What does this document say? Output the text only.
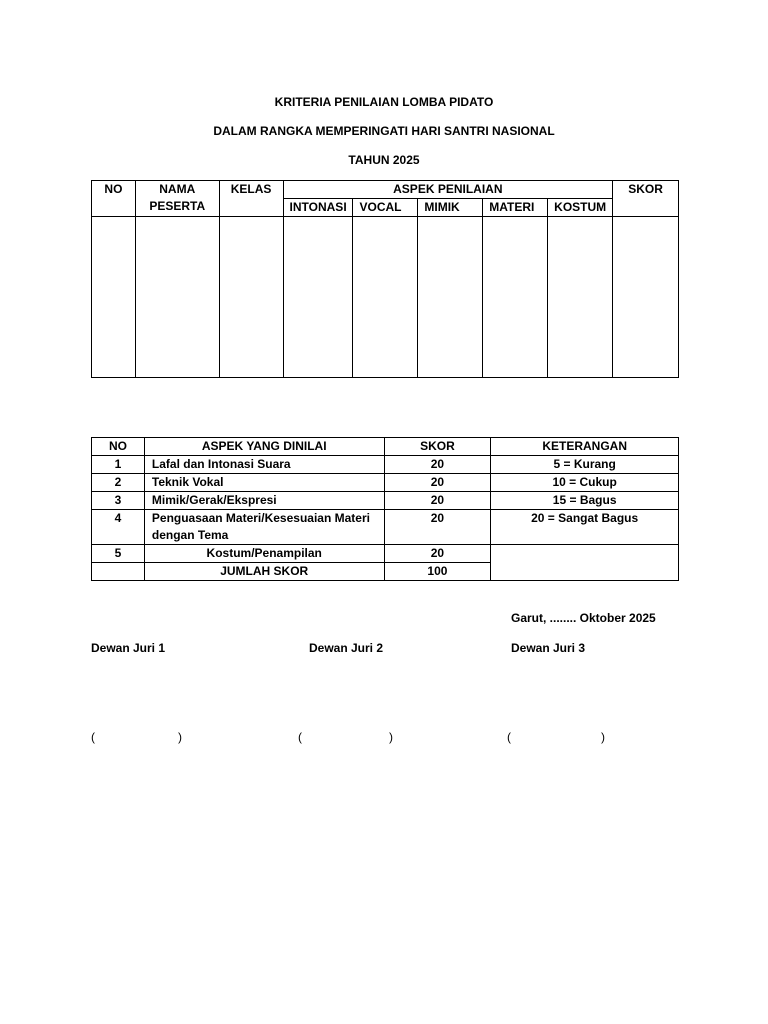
KRITERIA PENILAIAN LOMBA PIDATO
DALAM RANGKA MEMPERINGATI HARI SANTRI NASIONAL
TAHUN 2025
NO	NAMA PESERTA	KELAS	ASPEK PENILAIAN					SKOR
			INTONASI	VOCAL	MIMIK	MATERI	KOSTUM	

NO	ASPEK YANG DINILAI	SKOR	KETERANGAN
1	Lafal dan Intonasi Suara	20	5 = Kurang
2	Teknik Vokal	20	10 = Cukup
3	Mimik/Gerak/Ekspresi	20	15 = Bagus
4	Penguasaan Materi/Kesesuaian Materi dengan Tema	20	20 = Sangat Bagus
5	Kostum/Penampilan	20	
	JUMLAH SKOR	100	
Garut, ........ Oktober 2025
Dewan Juri 1	Dewan Juri 2	Dewan Juri 3
(	)	(	)	(	)
